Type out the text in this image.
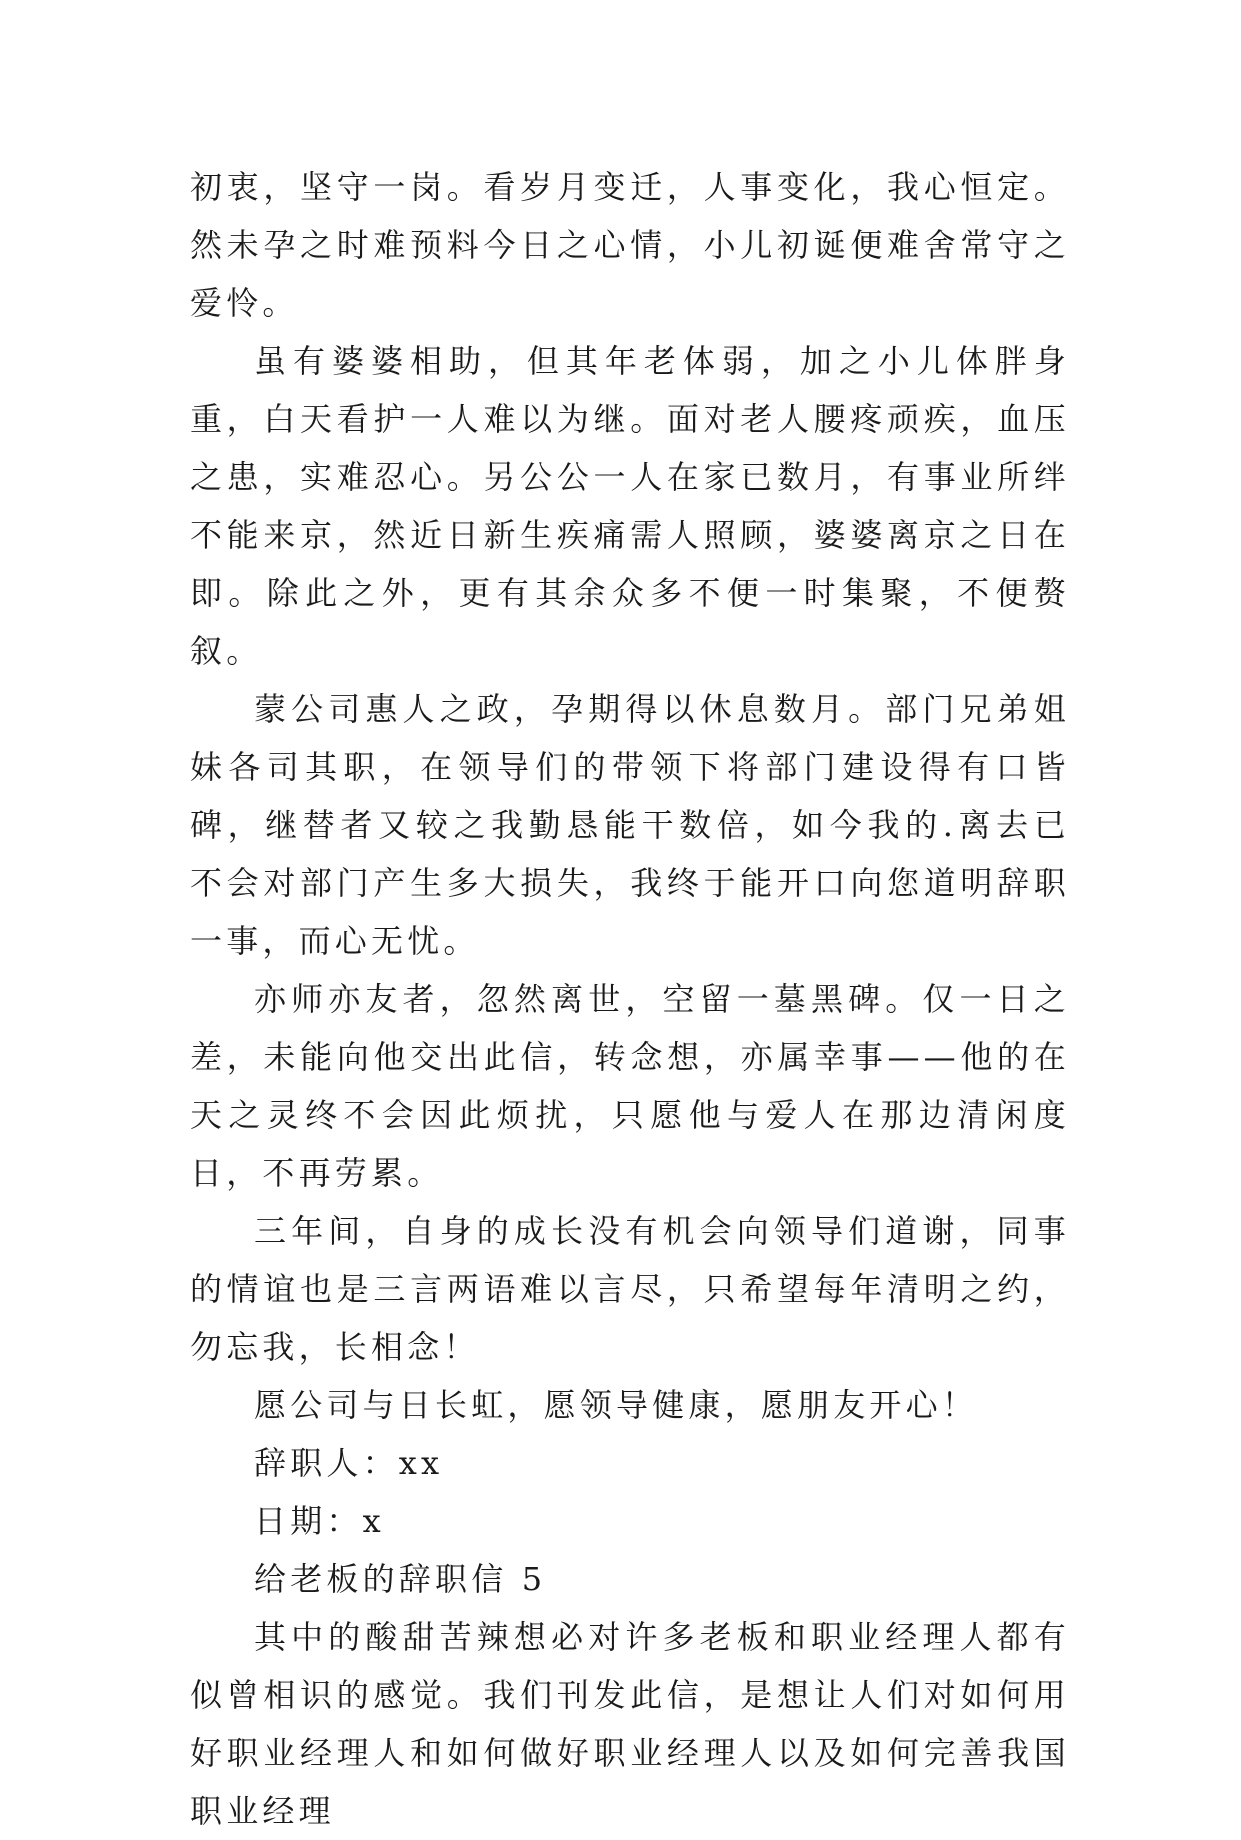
初衷，坚守一岗。看岁月变迁，人事变化，我心恒定。然未孕之时难预料今日之心情，小儿初诞便难舍常守之爱怜。

虽有婆婆相助，但其年老体弱，加之小儿体胖身重，白天看护一人难以为继。面对老人腰疼顽疾，血压之患，实难忍心。另公公一人在家已数月，有事业所绊不能来京，然近日新生疾痛需人照顾，婆婆离京之日在即。除此之外，更有其余众多不便一时集聚，不便赘叙。

蒙公司惠人之政，孕期得以休息数月。部门兄弟姐妹各司其职，在领导们的带领下将部门建设得有口皆碑，继替者又较之我勤恳能干数倍，如今我的.离去已不会对部门产生多大损失，我终于能开口向您道明辞职一事，而心无忧。

亦师亦友者，忽然离世，空留一墓黑碑。仅一日之差，未能向他交出此信，转念想，亦属幸事——他的在天之灵终不会因此烦扰，只愿他与爱人在那边清闲度日，不再劳累。

三年间，自身的成长没有机会向领导们道谢，同事的情谊也是三言两语难以言尽，只希望每年清明之约，勿忘我，长相念！

愿公司与日长虹，愿领导健康，愿朋友开心！

辞职人：xx

日期：x

给老板的辞职信 5

其中的酸甜苦辣想必对许多老板和职业经理人都有似曾相识的感觉。我们刊发此信，是想让人们对如何用好职业经理人和如何做好职业经理人以及如何完善我国职业经理
